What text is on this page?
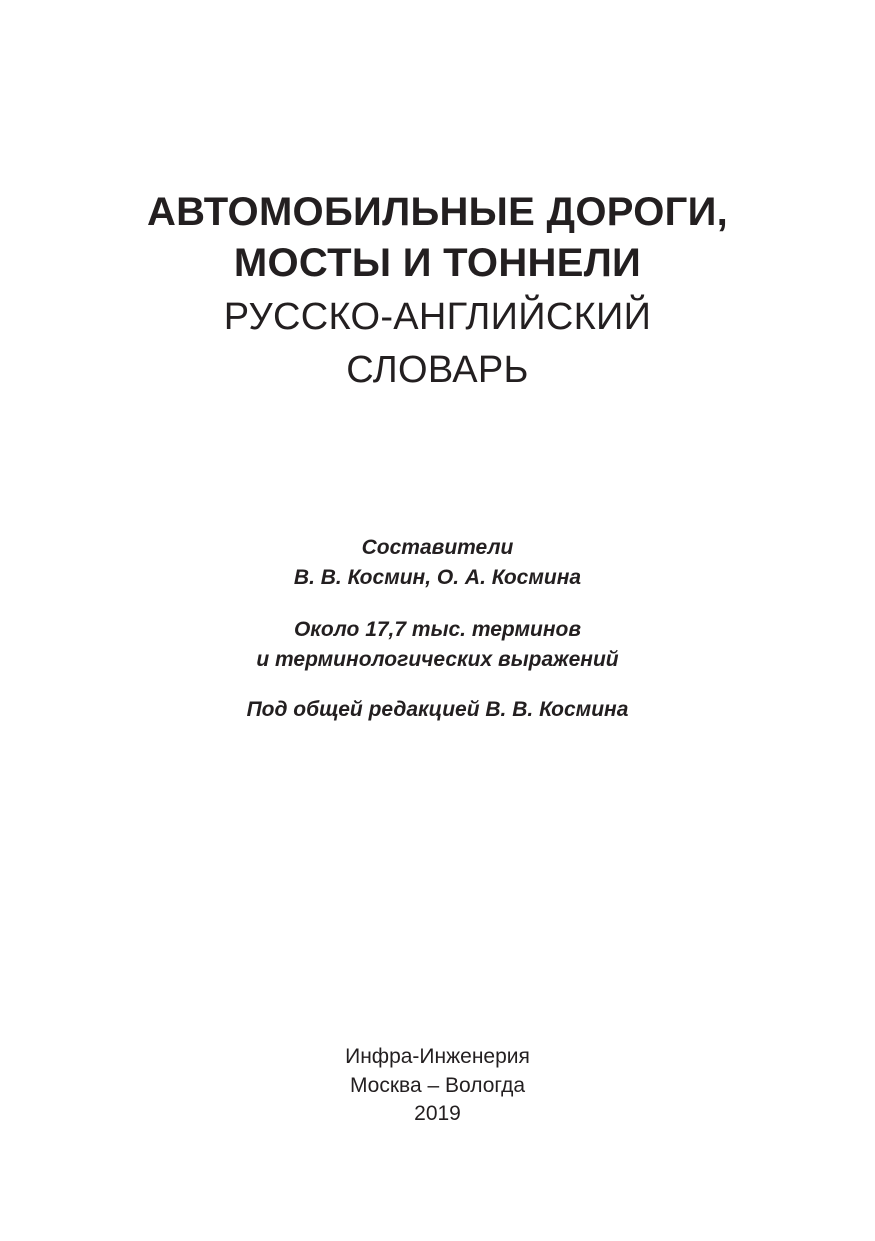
АВТОМОБИЛЬНЫЕ ДОРОГИ,
МОСТЫ И ТОННЕЛИ
РУССКО-АНГЛИЙСКИЙ
СЛОВАРЬ
Составители
В. В. Космин, О. А. Космина
Около 17,7 тыс. терминов
и терминологических выражений
Под общей редакцией В. В. Космина
Инфра-Инженерия
Москва – Вологда
2019
